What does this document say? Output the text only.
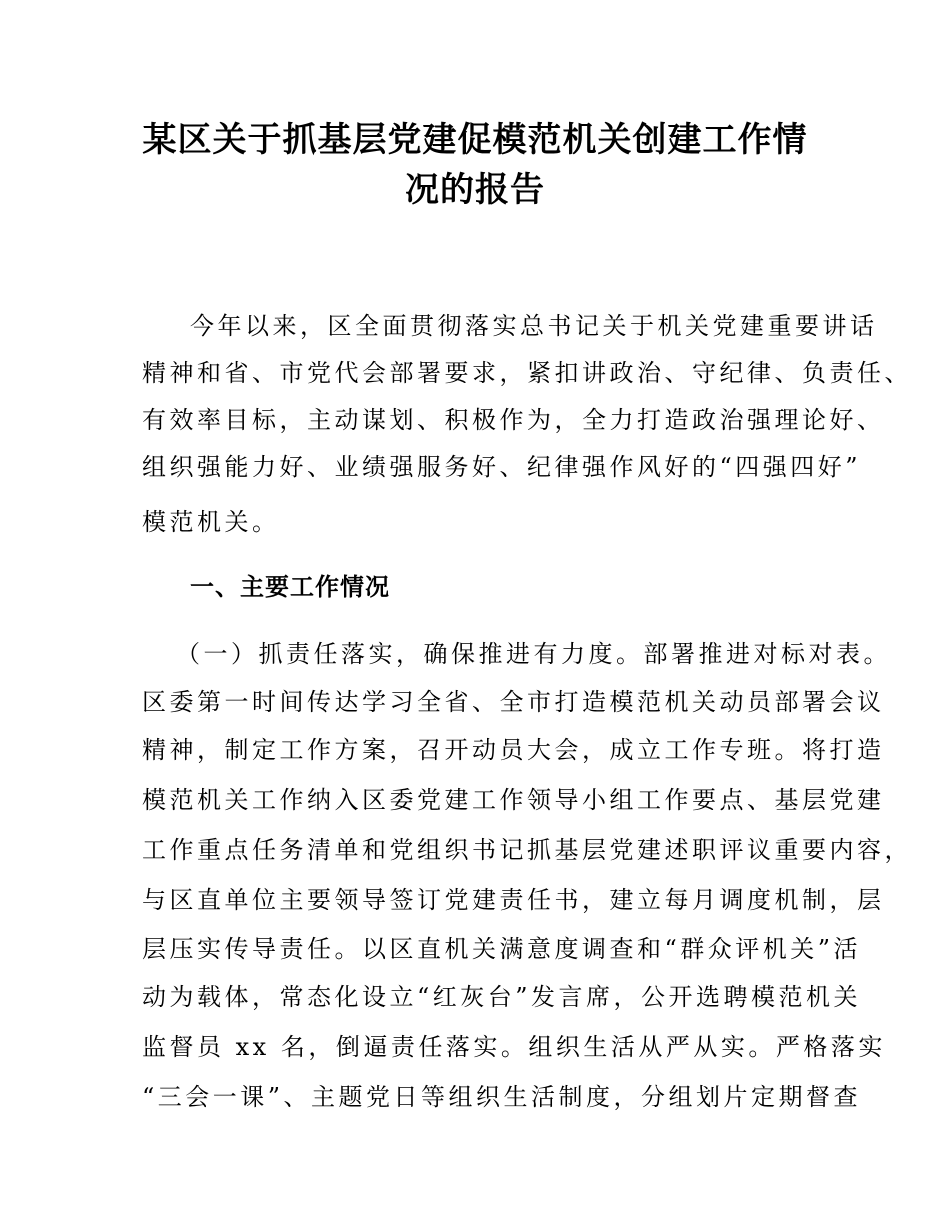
某区关于抓基层党建促模范机关创建工作情
况的报告
今年以来，区全面贯彻落实总书记关于机关党建重要讲话
精神和省、市党代会部署要求，紧扣讲政治、守纪律、负责任、
有效率目标，主动谋划、积极作为，全力打造政治强理论好、
组织强能力好、业绩强服务好、纪律强作风好的“四强四好”
模范机关。
一、主要工作情况
（一）抓责任落实，确保推进有力度。部署推进对标对表。
区委第一时间传达学习全省、全市打造模范机关动员部署会议
精神，制定工作方案，召开动员大会，成立工作专班。将打造
模范机关工作纳入区委党建工作领导小组工作要点、基层党建
工作重点任务清单和党组织书记抓基层党建述职评议重要内容，
与区直单位主要领导签订党建责任书，建立每月调度机制，层
层压实传导责任。以区直机关满意度调查和“群众评机关”活
动为载体，常态化设立“红灰台”发言席，公开选聘模范机关
监督员 xx 名，倒逼责任落实。组织生活从严从实。严格落实
“三会一课”、主题党日等组织生活制度，分组划片定期督查
